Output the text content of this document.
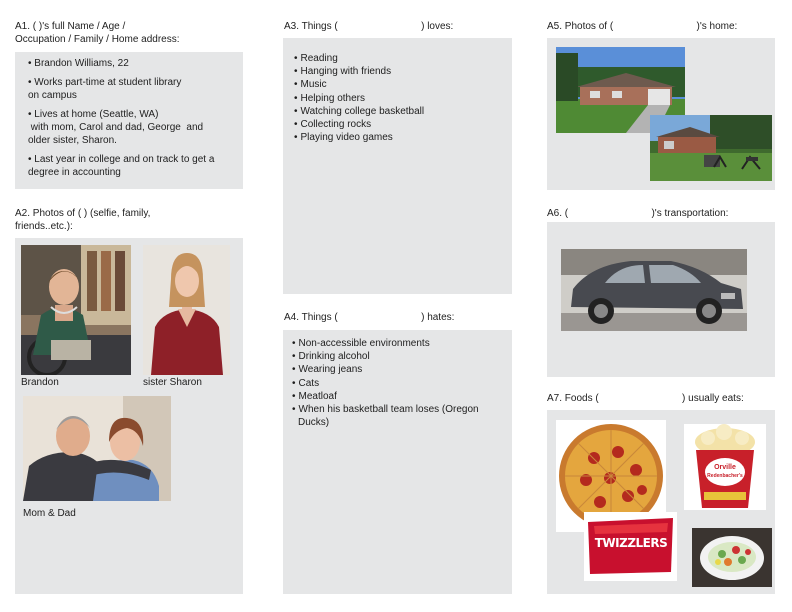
A1. ( )'s full Name / Age /
Occupation / Family / Home address:
• Brandon Williams, 22
• Works part-time at student library
on campus
• Lives at home (Seattle, WA)
with mom, Carol and dad, George  and
older sister, Sharon.
• Last year in college and on track to get a
degree in accounting
A2. Photos of ( ) (selfie, family,
friends..etc.):
Brandon	sister Sharon
Mom & Dad
A3. Things (                              ) loves:
• Reading
• Hanging with friends
• Music
• Helping others
• Watching college basketball
• Collecting rocks
• Playing video games
A4. Things (                              ) hates:
• Non-accessible environments
• Drinking alcohol
• Wearing jeans
• Cats
• Meatloaf
• When his basketball team loses (Oregon
Ducks)
A5. Photos of (                              )'s home:
A6. (                              )'s transportation:
A7. Foods (                              ) usually eats:
Orville
Redenbacher's
TWIZZLERS
